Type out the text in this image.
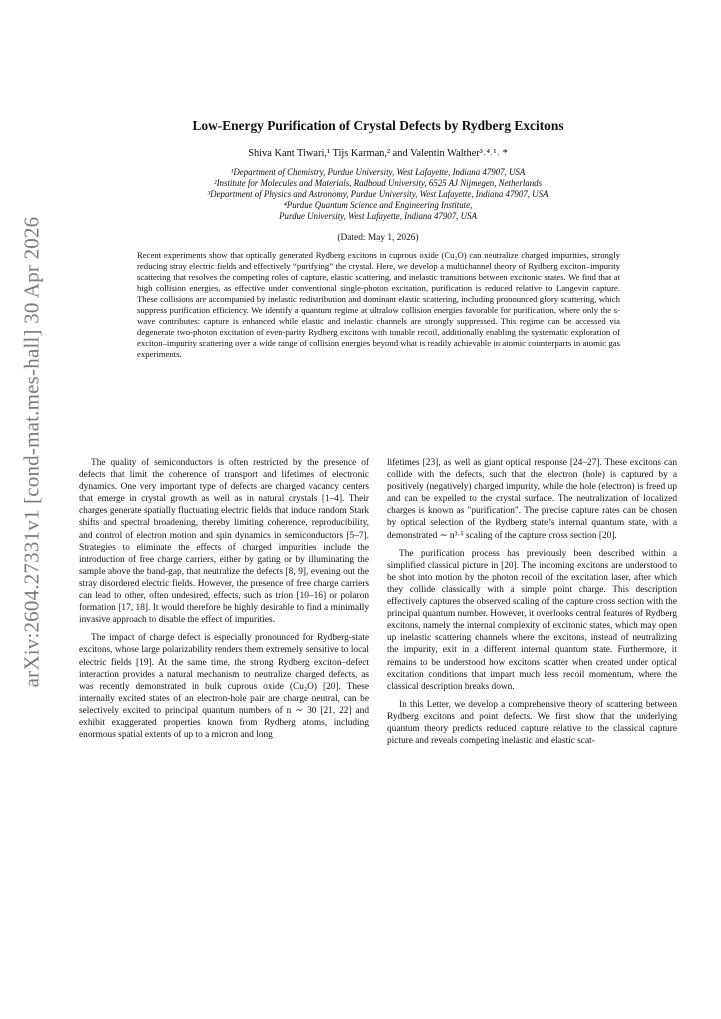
arXiv:2604.27331v1 [cond-mat.mes-hall] 30 Apr 2026
Low-Energy Purification of Crystal Defects by Rydberg Excitons
Shiva Kant Tiwari,¹ Tijs Karman,² and Valentin Walther³˒⁴˒¹˒ *
¹Department of Chemistry, Purdue University, West Lafayette, Indiana 47907, USA
²Institute for Molecules and Materials, Radboud University, 6525 AJ Nijmegen, Netherlands
³Department of Physics and Astronomy, Purdue University, West Lafayette, Indiana 47907, USA
⁴Purdue Quantum Science and Engineering Institute,
Purdue University, West Lafayette, Indiana 47907, USA
(Dated: May 1, 2026)
Recent experiments show that optically generated Rydberg excitons in cuprous oxide (Cu₂O) can neutralize charged impurities, strongly reducing stray electric fields and effectively “purifying” the crystal. Here, we develop a multichannel theory of Rydberg exciton–impurity scattering that resolves the competing roles of capture, elastic scattering, and inelastic transitions between excitonic states. We find that at high collision energies, as effective under conventional single-photon excitation, purification is reduced relative to Langevin capture. These collisions are accompanied by inelastic redistribution and dominant elastic scattering, including pronounced glory scattering, which suppress purification efficiency. We identify a quantum regime at ultralow collision energies favorable for purification, where only the s-wave contributes: capture is enhanced while elastic and inelastic channels are strongly suppressed. This regime can be accessed via degenerate two-photon excitation of even-parity Rydberg excitons with tunable recoil, additionally enabling the systematic exploration of exciton–impurity scattering over a wide range of collision energies beyond what is readily achievable in atomic counterparts in atomic gas experiments.

The quality of semiconductors is often restricted by the presence of defects that limit the coherence of transport and lifetimes of electronic dynamics. One very important type of defects are charged vacancy centers that emerge in crystal growth as well as in natural crystals [1–4]. Their charges generate spatially fluctuating electric fields that induce random Stark shifts and spectral broadening, thereby limiting coherence, reproducibility, and control of electron motion and spin dynamics in semiconductors [5–7]. Strategies to eliminate the effects of charged impurities include the introduction of free charge carriers, either by gating or by illuminating the sample above the band-gap, that neutralize the defects [8, 9], evening out the stray disordered electric fields. However, the presence of free charge carriers can lead to other, often undesired, effects, such as trion [10–16] or polaron formation [17, 18]. It would therefore be highly desirable to find a minimally invasive approach to disable the effect of impurities.

The impact of charge defect is especially pronounced for Rydberg-state excitons, whose large polarizability renders them extremely sensitive to local electric fields [19]. At the same time, the strong Rydberg exciton–defect interaction provides a natural mechanism to neutralize charged defects, as was recently demonstrated in bulk cuprous oxide (Cu₂O) [20]. These internally excited states of an electron-hole pair are charge neutral, can be selectively excited to principal quantum numbers of n ∼ 30 [21, 22] and exhibit exaggerated properties known from Rydberg atoms, including enormous spatial extents of up to a micron and long

lifetimes [23], as well as giant optical response [24–27]. These excitons can collide with the defects, such that the electron (hole) is captured by a positively (negatively) charged impurity, while the hole (electron) is freed up and can be expelled to the crystal surface. The neutralization of localized charges is known as "purification". The precise capture rates can be chosen by optical selection of the Rydberg state’s internal quantum state, with a demonstrated ∼ n³·⁵ scaling of the capture cross section [20].

The purification process has previously been described within a simplified classical picture in [20]. The incoming excitons are understood to be shot into motion by the photon recoil of the excitation laser, after which they collide classically with a simple point charge. This description effectively captures the observed scaling of the capture cross section with the principal quantum number. However, it overlooks central features of Rydberg excitons, namely the internal complexity of excitonic states, which may open up inelastic scattering channels where the excitons, instead of neutralizing the impurity, exit in a different internal quantum state. Furthermore, it remains to be understood how excitons scatter when created under optical excitation conditions that impart much less recoil momentum, where the classical description breaks down.

In this Letter, we develop a comprehensive theory of scattering between Rydberg excitons and point defects. We first show that the underlying quantum theory predicts reduced capture relative to the classical capture picture and reveals competing inelastic and elastic scat-
